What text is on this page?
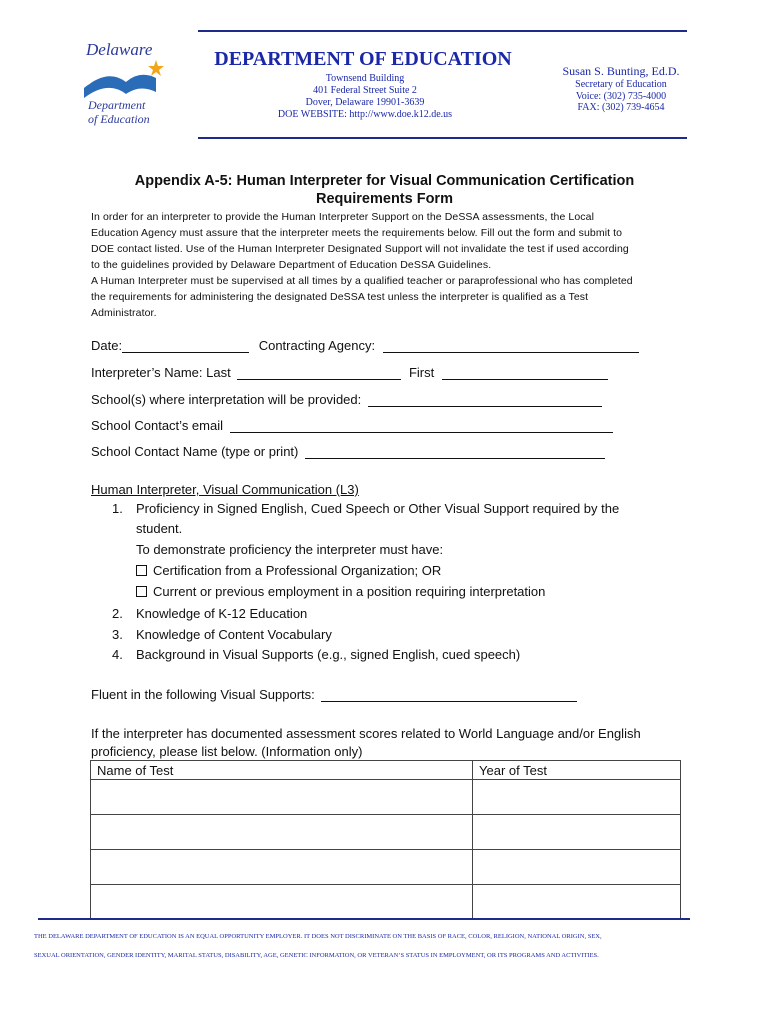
Delaware
Department
of Education
DEPARTMENT OF EDUCATION
Townsend Building
401 Federal Street Suite 2
Dover, Delaware 19901-3639
DOE WEBSITE: http://www.doe.k12.de.us
Susan S. Bunting, Ed.D.
Secretary of Education
Voice: (302) 735-4000
FAX: (302) 739-4654
Appendix A-5: Human Interpreter for Visual Communication Certification
Requirements Form
In order for an interpreter to provide the Human Interpreter Support on the DeSSA assessments, the Local
Education Agency must assure that the interpreter meets the requirements below. Fill out the form and submit to
DOE contact listed. Use of the Human Interpreter Designated Support will not invalidate the test if used according
to the guidelines provided by Delaware Department of Education DeSSA Guidelines.
A Human Interpreter must be supervised at all times by a qualified teacher or paraprofessional who has completed
the requirements for administering the designated DeSSA test unless the interpreter is qualified as a Test
Administrator.
Date:	Contracting Agency:
Interpreter’s Name: Last	First
School(s) where interpretation will be provided:
School Contact’s email
School Contact Name (type or print)
Human Interpreter, Visual Communication (L3)
1. Proficiency in Signed English, Cued Speech or Other Visual Support required by the
student.
To demonstrate proficiency the interpreter must have:
Certification from a Professional Organization; OR
Current or previous employment in a position requiring interpretation
2. Knowledge of K-12 Education
3. Knowledge of Content Vocabulary
4. Background in Visual Supports (e.g., signed English, cued speech)
Fluent in the following Visual Supports:
If the interpreter has documented assessment scores related to World Language and/or English
proficiency, please list below. (Information only)
Name of Test	Year of Test

THE DELAWARE DEPARTMENT OF EDUCATION IS AN EQUAL OPPORTUNITY EMPLOYER. IT DOES NOT DISCRIMINATE ON THE BASIS OF RACE, COLOR, RELIGION, NATIONAL ORIGIN, SEX,
SEXUAL ORIENTATION, GENDER IDENTITY, MARITAL STATUS, DISABILITY, AGE, GENETIC INFORMATION, OR VETERAN’S STATUS IN EMPLOYMENT, OR ITS PROGRAMS AND ACTIVITIES.
